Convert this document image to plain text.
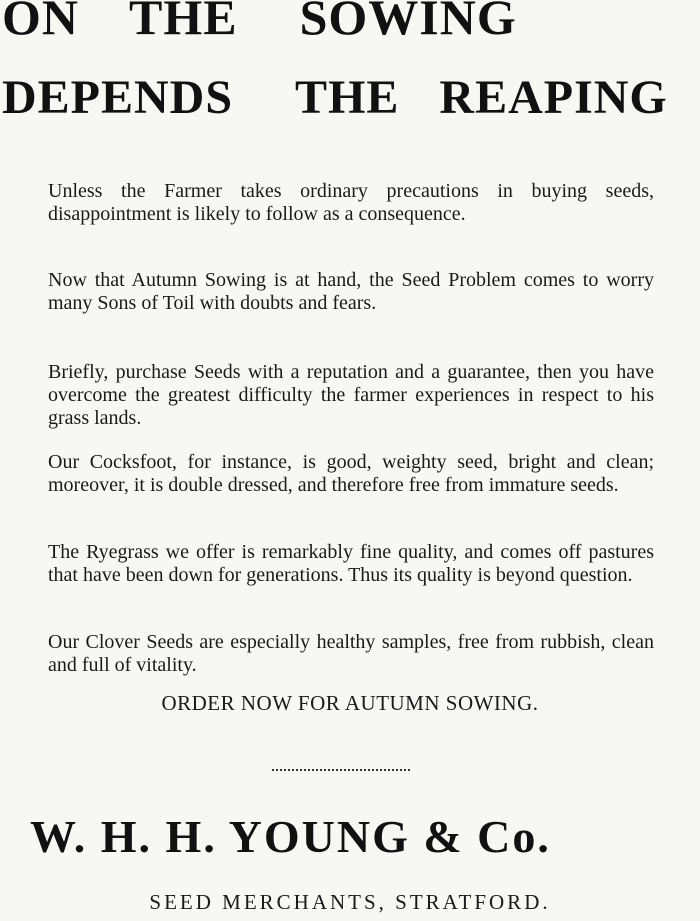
ON THE SOWING
DEPENDS THE REAPING

Unless the Farmer takes ordinary precautions in buying seeds, disappointment is likely to follow as a consequence.

Now that Autumn Sowing is at hand, the Seed Problem comes to worry many Sons of Toil with doubts and fears.

Briefly, purchase Seeds with a reputation and a guarantee, then you have overcome the greatest difficulty the farmer experiences in respect to his grass lands.

Our Cocksfoot, for instance, is good, weighty seed, bright and clean; moreover, it is double dressed, and therefore free from immature seeds.

The Ryegrass we offer is remarkably fine quality, and comes off pastures that have been down for generations. Thus its quality is beyond question.

Our Clover Seeds are especially healthy samples, free from rubbish, clean and full of vitality.

ORDER NOW FOR AUTUMN SOWING.
W. H. H. YOUNG & Co.
SEED MERCHANTS, STRATFORD.
